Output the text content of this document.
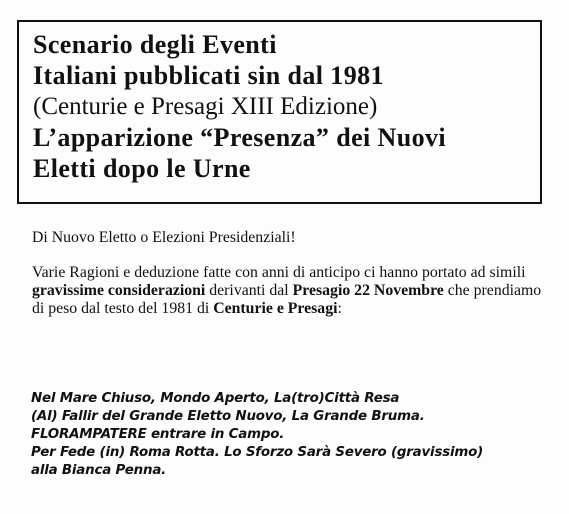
Scenario degli Eventi
Italiani pubblicati sin dal 1981
(Centurie e Presagi XIII Edizione)
L’apparizione “Presenza” dei Nuovi
Eletti dopo le Urne

Di Nuovo Eletto o Elezioni Presidenziali!

Varie Ragioni e deduzione fatte con anni di anticipo ci hanno portato ad simili gravissime considerazioni derivanti dal Presagio 22 Novembre che prendiamo di peso dal testo del 1981 di Centurie e Presagi:

Nel Mare Chiuso, Mondo Aperto, La(tro)Città Resa
(Al) Fallir del Grande Eletto Nuovo, La Grande Bruma.
FLORAMPATERE entrare in Campo.
Per Fede (in) Roma Rotta. Lo Sforzo Sarà Severo (gravissimo)
alla Bianca Penna.
